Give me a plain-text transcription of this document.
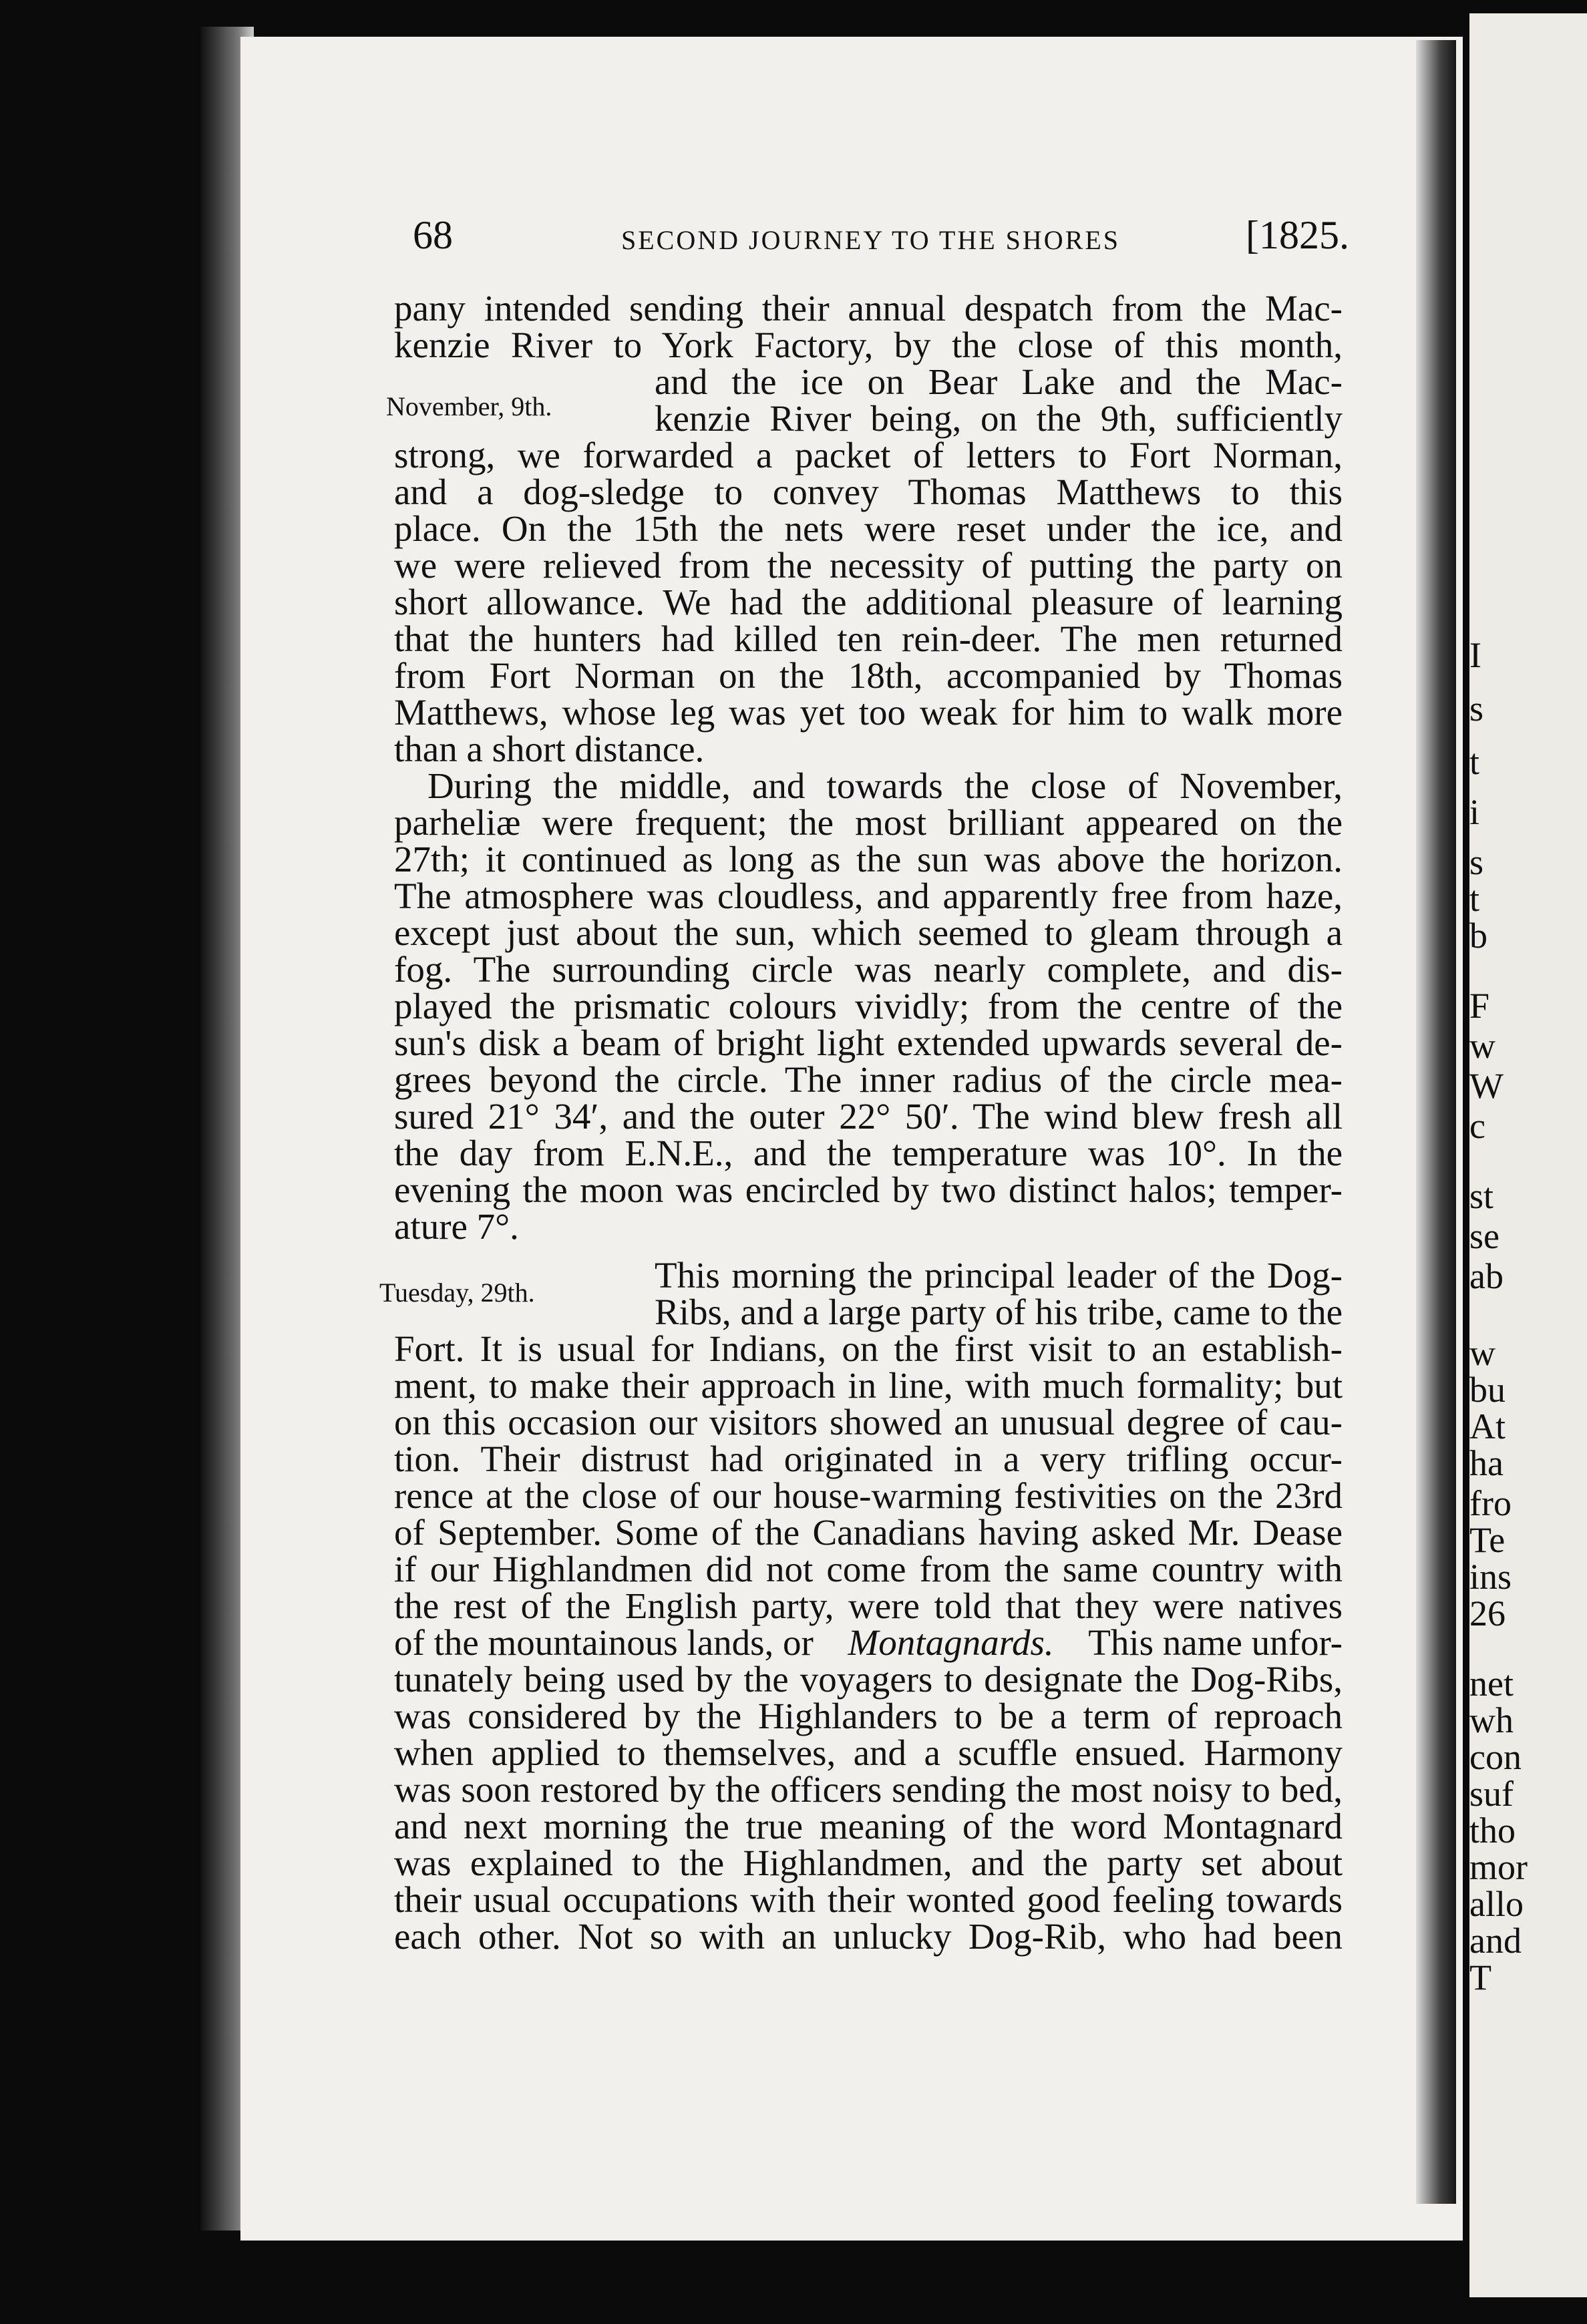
I
s
t
i
s
t
b
F
w
W
c
st
se
ab
w
bu
At
ha
fro
Te
ins
26
net
wh
con
suf
tho
mor
allo
and
T
68	SECOND JOURNEY TO THE SHORES	[1825.
November, 9th.
Tuesday, 29th.
pany intended sending their annual despatch from the Mac-
kenzie River to York Factory, by the close of this month,
and the ice on Bear Lake and the Mac-
kenzie River being, on the 9th, sufficiently
strong, we forwarded a packet of letters to Fort Norman,
and a dog-sledge to convey Thomas Matthews to this
place. On the 15th the nets were reset under the ice, and
we were relieved from the necessity of putting the party on
short allowance. We had the additional pleasure of learning
that the hunters had killed ten rein-deer. The men returned
from Fort Norman on the 18th, accompanied by Thomas
Matthews, whose leg was yet too weak for him to walk more
than a short distance.
During the middle, and towards the close of November,
parheliæ were frequent; the most brilliant appeared on the
27th; it continued as long as the sun was above the horizon.
The atmosphere was cloudless, and apparently free from haze,
except just about the sun, which seemed to gleam through a
fog. The surrounding circle was nearly complete, and dis-
played the prismatic colours vividly; from the centre of the
sun's disk a beam of bright light extended upwards several de-
grees beyond the circle. The inner radius of the circle mea-
sured 21° 34′, and the outer 22° 50′. The wind blew fresh all
the day from E.N.E., and the temperature was 10°. In the
evening the moon was encircled by two distinct halos; temper-
ature 7°.
This morning the principal leader of the Dog-
Ribs, and a large party of his tribe, came to the
Fort. It is usual for Indians, on the first visit to an establish-
ment, to make their approach in line, with much formality; but
on this occasion our visitors showed an unusual degree of cau-
tion. Their distrust had originated in a very trifling occur-
rence at the close of our house-warming festivities on the 23rd
of September. Some of the Canadians having asked Mr. Dease
if our Highlandmen did not come from the same country with
the rest of the English party, were told that they were natives
of the mountainous lands, or Montagnards. This name unfor-
tunately being used by the voyagers to designate the Dog-Ribs,
was considered by the Highlanders to be a term of reproach
when applied to themselves, and a scuffle ensued. Harmony
was soon restored by the officers sending the most noisy to bed,
and next morning the true meaning of the word Montagnard
was explained to the Highlandmen, and the party set about
their usual occupations with their wonted good feeling towards
each other. Not so with an unlucky Dog-Rib, who had been
